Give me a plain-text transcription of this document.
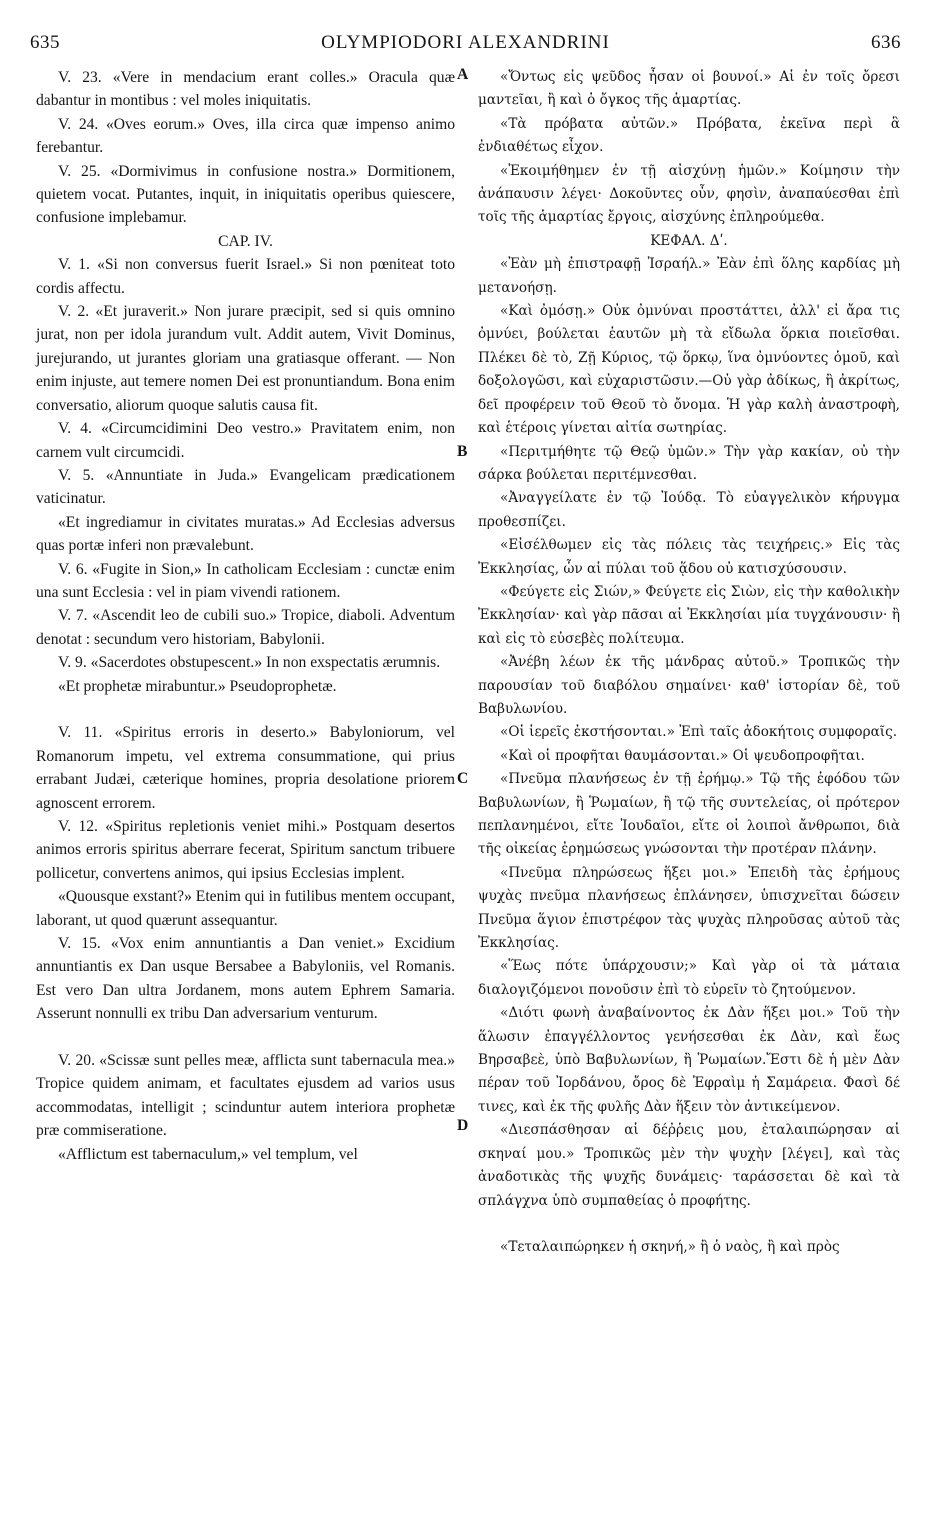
635	OLYMPIODORI ALEXANDRINI	636

V. 23. «Vere in mendacium erant colles.» Oracula quæ dabantur in montibus : vel moles iniquitatis.

V. 24. «Oves eorum.» Oves, illa circa quæ impenso animo ferebantur.

V. 25. «Dormivimus in confusione nostra.» Dormitionem, quietem vocat. Putantes, inquit, in iniquitatis operibus quiescere, confusione implebamur.

CAP. IV.

V. 1. «Si non conversus fuerit Israel.» Si non pœniteat toto cordis affectu.

V. 2. «Et juraverit.» Non jurare præcipit, sed si quis omnino jurat, non per idola jurandum vult. Addit autem, Vivit Dominus, jurejurando, ut jurantes gloriam una gratiasque offerant. — Non enim injuste, aut temere nomen Dei est pronuntiandum. Bona enim conversatio, aliorum quoque salutis causa fit.

V. 4. «Circumcidimini Deo vestro.» Pravitatem enim, non carnem vult circumcidi.

V. 5. «Annuntiate in Juda.» Evangelicam prædicationem vaticinatur.

«Et ingrediamur in civitates muratas.» Ad Ecclesias adversus quas portæ inferi non prævalebunt.

V. 6. «Fugite in Sion,» In catholicam Ecclesiam : cunctæ enim una sunt Ecclesia : vel in piam vivendi rationem.

V. 7. «Ascendit leo de cubili suo.» Tropice, diaboli. Adventum denotat : secundum vero historiam, Babylonii.

V. 9. «Sacerdotes obstupescent.» In non exspectatis ærumnis.

«Et prophetæ mirabuntur.» Pseudoprophetæ.

V. 11. «Spiritus erroris in deserto.» Babyloniorum, vel Romanorum impetu, vel extrema consummatione, qui prius errabant Judæi, cæterique homines, propria desolatione priorem agnoscent errorem.

V. 12. «Spiritus repletionis veniet mihi.» Postquam desertos animos erroris spiritus aberrare fecerat, Spiritum sanctum tribuere pollicetur, convertens animos, qui ipsius Ecclesias implent.

«Quousque exstant?» Etenim qui in futilibus mentem occupant, laborant, ut quod quærunt assequantur.

V. 15. «Vox enim annuntiantis a Dan veniet.» Excidium annuntiantis ex Dan usque Bersabee a Babyloniis, vel Romanis. Est vero Dan ultra Jordanem, mons autem Ephrem Samaria. Asserunt nonnulli ex tribu Dan adversarium venturum.

V. 20. «Scissæ sunt pelles meæ, afflicta sunt tabernacula mea.» Tropice quidem animam, et facultates ejusdem ad varios usus accommodatas, intelligit ; scinduntur autem interiora prophetæ præ commiseratione.

«Afflictum est tabernaculum,» vel templum, vel

«Ὄντως εἰς ψεῦδος ἦσαν οἱ βουνοί.» Αἱ ἐν τοῖς ὄρεσι μαντεῖαι, ἢ καὶ ὁ ὄγκος τῆς ἁμαρτίας.

«Τὰ πρόβατα αὐτῶν.» Πρόβατα, ἐκεῖνα περὶ ἃ ἐνδιαθέτως εἶχον.

«Ἐκοιμήθημεν ἐν τῇ αἰσχύνῃ ἡμῶν.» Κοίμησιν τὴν ἀνάπαυσιν λέγει· Δοκοῦντες οὖν, φησὶν, ἀναπαύεσθαι ἐπὶ τοῖς τῆς ἁμαρτίας ἔργοις, αἰσχύνης ἐπληρούμεθα.

ΚΕΦΑΛ. Δʹ.

«Ἐὰν μὴ ἐπιστραφῇ Ἰσραήλ.» Ἐὰν ἐπὶ ὅλης καρδίας μὴ μετανοήσῃ.

«Καὶ ὀμόσῃ.» Οὐκ ὀμνύναι προστάττει, ἀλλ' εἰ ἄρα τις ὀμνύει, βούλεται ἑαυτῶν μὴ τὰ εἴδωλα ὅρκια ποιεῖσθαι. Πλέκει δὲ τὸ, Ζῇ Κύριος, τῷ ὅρκῳ, ἵνα ὀμνύοντες ὁμοῦ, καὶ δοξολογῶσι, καὶ εὐχαριστῶσιν.—Οὐ γὰρ ἀδίκως, ἢ ἀκρίτως, δεῖ προφέρειν τοῦ Θεοῦ τὸ ὄνομα. Ἡ γὰρ καλὴ ἀναστροφὴ, καὶ ἑτέροις γίνεται αἰτία σωτηρίας.

«Περιτμήθητε τῷ Θεῷ ὑμῶν.» Τὴν γὰρ κακίαν, οὐ τὴν σάρκα βούλεται περιτέμνεσθαι.

«Ἀναγγείλατε ἐν τῷ Ἰούδᾳ. Τὸ εὐαγγελικὸν κήρυγμα προθεσπίζει.

«Εἰσέλθωμεν εἰς τὰς πόλεις τὰς τειχήρεις.» Εἰς τὰς Ἐκκλησίας, ὧν αἱ πύλαι τοῦ ᾅδου οὐ κατισχύσουσιν.

«Φεύγετε εἰς Σιών,» Φεύγετε εἰς Σιὼν, εἰς τὴν καθολικὴν Ἐκκλησίαν· καὶ γὰρ πᾶσαι αἱ Ἐκκλησίαι μία τυγχάνουσιν· ἢ καὶ εἰς τὸ εὐσεβὲς πολίτευμα.

«Ἀνέβη λέων ἐκ τῆς μάνδρας αὐτοῦ.» Τροπικῶς τὴν παρουσίαν τοῦ διαβόλου σημαίνει· καθ' ἱστορίαν δὲ, τοῦ Βαβυλωνίου.

«Οἱ ἱερεῖς ἐκστήσονται.» Ἐπὶ ταῖς ἀδοκήτοις συμφοραῖς.

«Καὶ οἱ προφῆται θαυμάσονται.» Οἱ ψευδοπροφῆται.

«Πνεῦμα πλανήσεως ἐν τῇ ἐρήμῳ.» Τῷ τῆς ἐφόδου τῶν Βαβυλωνίων, ἢ Ῥωμαίων, ἢ τῷ τῆς συντελείας, οἱ πρότερον πεπλανημένοι, εἴτε Ἰουδαῖοι, εἴτε οἱ λοιποὶ ἄνθρωποι, διὰ τῆς οἰκείας ἐρημώσεως γνώσονται τὴν προτέραν πλάνην.

«Πνεῦμα πληρώσεως ἥξει μοι.» Ἐπειδὴ τὰς ἐρήμους ψυχὰς πνεῦμα πλανήσεως ἐπλάνησεν, ὑπισχνεῖται δώσειν Πνεῦμα ἅγιον ἐπιστρέφον τὰς ψυχὰς πληροῦσας αὐτοῦ τὰς Ἐκκλησίας.

«Ἕως πότε ὑπάρχουσιν;» Καὶ γὰρ οἱ τὰ μάταια διαλογιζόμενοι πονοῦσιν ἐπὶ τὸ εὑρεῖν τὸ ζητούμενον.

«Διότι φωνὴ ἀναβαίνοντος ἐκ Δὰν ἥξει μοι.» Τοῦ τὴν ἅλωσιν ἐπαγγέλλοντος γενήσεσθαι ἐκ Δὰν, καὶ ἕως Βηρσαβεὲ, ὑπὸ Βαβυλωνίων, ἢ Ῥωμαίων.Ἔστι δὲ ἡ μὲν Δὰν πέραν τοῦ Ἰορδάνου, ὄρος δὲ Ἐφραὶμ ἡ Σαμάρεια. Φασὶ δέ τινες, καὶ ἐκ τῆς φυλῆς Δὰν ἥξειν τὸν ἀντικείμενον.

«Διεσπάσθησαν αἱ δέῤῥεις μου, ἐταλαιπώρησαν αἱ σκηναί μου.» Τροπικῶς μὲν τὴν ψυχὴν [λέγει], καὶ τὰς ἀναδοτικὰς τῆς ψυχῆς δυνάμεις· ταράσσεται δὲ καὶ τὰ σπλάγχνα ὑπὸ συμπαθείας ὁ προφήτης.

«Τεταλαιπώρηκεν ἡ σκηνή,» ἢ ὁ ναὸς, ἢ καὶ πρὸς

A
B
C
D
